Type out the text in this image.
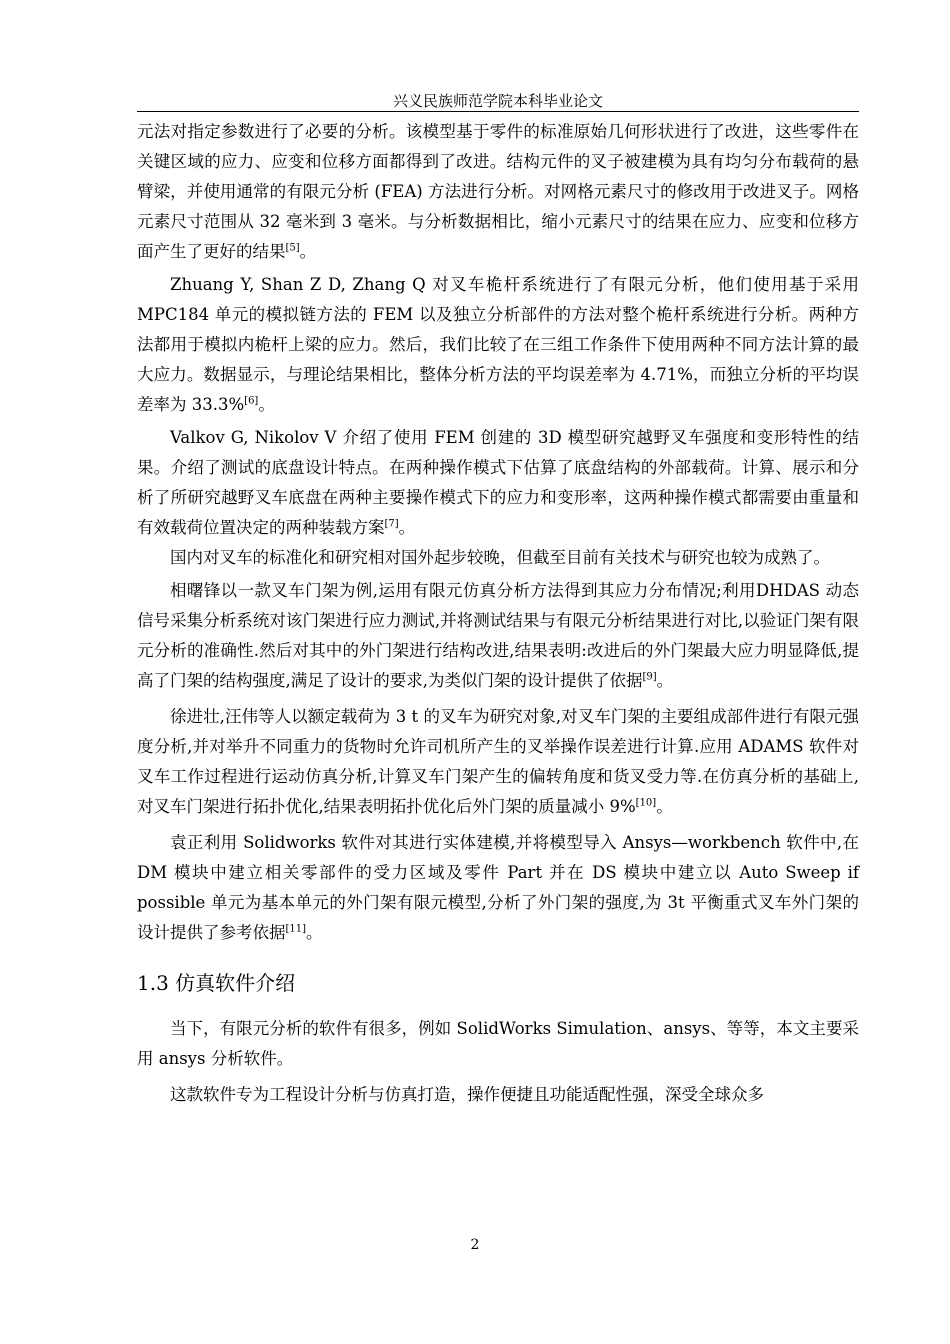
兴义民族师范学院本科毕业论文

元法对指定参数进行了必要的分析。该模型基于零件的标准原始几何形状进行了改进，这些零件在关键区域的应力、应变和位移方面都得到了改进。结构元件的叉子被建模为具有均匀分布载荷的悬臂梁，并使用通常的有限元分析 (FEA) 方法进行分析。对网格元素尺寸的修改用于改进叉子。网格元素尺寸范围从 32 毫米到 3 毫米。与分析数据相比，缩小元素尺寸的结果在应力、应变和位移方面产生了更好的结果[5]。

Zhuang Y, Shan Z D, Zhang Q 对叉车桅杆系统进行了有限元分析，他们使用基于采用 MPC184 单元的模拟链方法的 FEM 以及独立分析部件的方法对整个桅杆系统进行分析。两种方法都用于模拟内桅杆上梁的应力。然后，我们比较了在三组工作条件下使用两种不同方法计算的最大应力。数据显示，与理论结果相比，整体分析方法的平均误差率为 4.71%，而独立分析的平均误差率为 33.3%[6]。

Valkov G, Nikolov V 介绍了使用 FEM 创建的 3D 模型研究越野叉车强度和变形特性的结果。介绍了测试的底盘设计特点。在两种操作模式下估算了底盘结构的外部载荷。计算、展示和分析了所研究越野叉车底盘在两种主要操作模式下的应力和变形率，这两种操作模式都需要由重量和有效载荷位置决定的两种装载方案[7]。

国内对叉车的标准化和研究相对国外起步较晚，但截至目前有关技术与研究也较为成熟了。

相曙锋以一款叉车门架为例,运用有限元仿真分析方法得到其应力分布情况;利用DHDAS 动态信号采集分析系统对该门架进行应力测试,并将测试结果与有限元分析结果进行对比,以验证门架有限元分析的准确性.然后对其中的外门架进行结构改进,结果表明:改进后的外门架最大应力明显降低,提高了门架的结构强度,满足了设计的要求,为类似门架的设计提供了依据[9]。

徐进壮,汪伟等人以额定载荷为 3 t 的叉车为研究对象,对叉车门架的主要组成部件进行有限元强度分析,并对举升不同重力的货物时允许司机所产生的叉举操作误差进行计算.应用 ADAMS 软件对叉车工作过程进行运动仿真分析,计算叉车门架产生的偏转角度和货叉受力等.在仿真分析的基础上,对叉车门架进行拓扑优化,结果表明拓扑优化后外门架的质量减小 9%[10]。

袁正利用 Solidworks 软件对其进行实体建模,并将模型导入 Ansys—workbench 软件中,在 DM 模块中建立相关零部件的受力区域及零件 Part 并在 DS 模块中建立以 Auto Sweep if possible 单元为基本单元的外门架有限元模型,分析了外门架的强度,为 3t 平衡重式叉车外门架的设计提供了参考依据[11]。

1.3 仿真软件介绍

当下，有限元分析的软件有很多，例如 SolidWorks Simulation、ansys、等等，本文主要采用 ansys 分析软件。

这款软件专为工程设计分析与仿真打造，操作便捷且功能适配性强，深受全球众多

2
